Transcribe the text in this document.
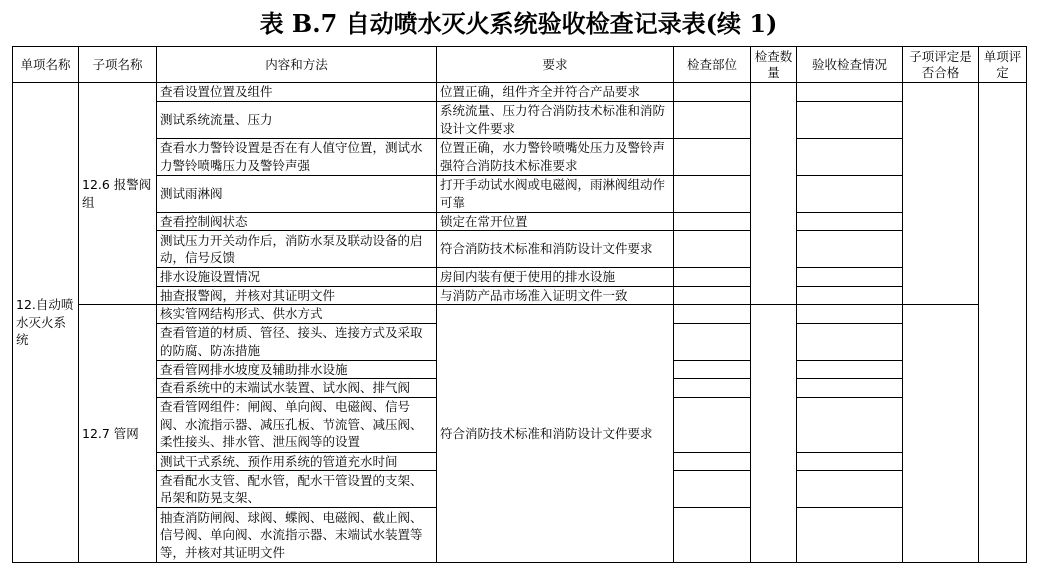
表 B.7 自动喷水灭火系统验收检查记录表(续 1)
单项名称	子项名称	内容和方法	要求	检查部位	检查数量	验收检查情况	子项评定是否合格	单项评定
12.自动喷水灭火系统	12.6 报警阀组	查看设置位置及组件	位置正确，组件齐全并符合产品要求					
		测试系统流量、压力	系统流量、压力符合消防技术标准和消防设计文件要求					
		查看水力警铃设置是否在有人值守位置，测试水力警铃喷嘴压力及警铃声强	位置正确，水力警铃喷嘴处压力及警铃声强符合消防技术标准要求					
		测试雨淋阀	打开手动试水阀或电磁阀，雨淋阀组动作可靠					
		查看控制阀状态	锁定在常开位置					
		测试压力开关动作后，消防水泵及联动设备的启动，信号反馈	符合消防技术标准和消防设计文件要求					
		排水设施设置情况	房间内装有便于使用的排水设施					
		抽查报警阀，并核对其证明文件	与消防产品市场准入证明文件一致					
	12.7 管网	核实管网结构形式、供水方式	符合消防技术标准和消防设计文件要求					
		查看管道的材质、管径、接头、连接方式及采取的防腐、防冻措施						
		查看管网排水坡度及辅助排水设施						
		查看系统中的末端试水装置、试水阀、排气阀						
		查看管网组件：闸阀、单向阀、电磁阀、信号阀、水流指示器、减压孔板、节流管、减压阀、柔性接头、排水管、泄压阀等的设置						
		测试干式系统、预作用系统的管道充水时间						
		查看配水支管、配水管，配水干管设置的支架、吊架和防晃支架、						
		抽查消防闸阀、球阀、蝶阀、电磁阀、截止阀、信号阀、单向阀、水流指示器、末端试水装置等等，并核对其证明文件						
